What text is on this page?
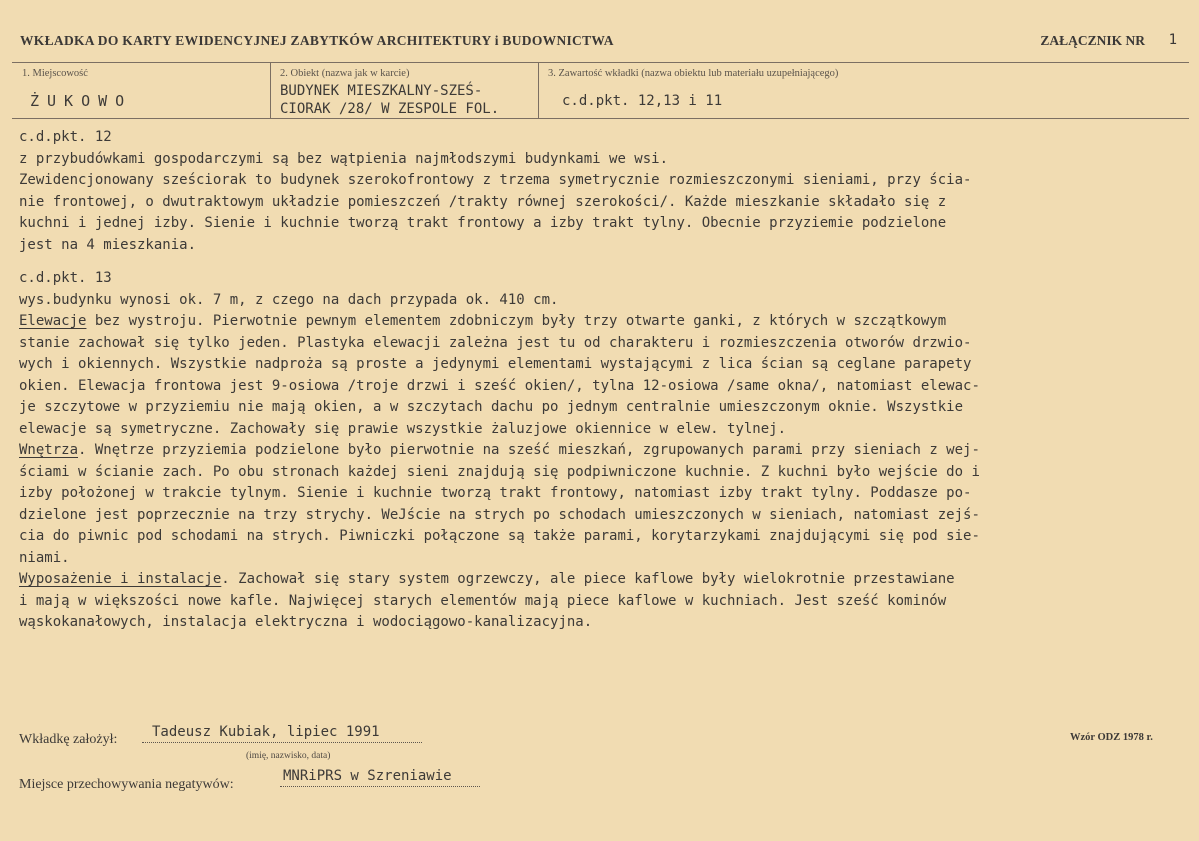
WKŁADKA DO KARTY EWIDENCYJNEJ ZABYTKÓW ARCHITEKTURY i BUDOWNICTWA	ZAŁĄCZNIK NR 1
1. Miejscowość
ŻUKOWO
2. Obiekt (nazwa jak w karcie)
BUDYNEK MIESZKALNY-SZEŚ-
CIORAK /28/ W ZESPOLE FOL.
3. Zawartość wkładki (nazwa obiektu lub materiału uzupełniającego)
c.d.pkt. 12,13 i 11
c.d.pkt. 12
z przybudówkami gospodarczymi są bez wątpienia najmłodszymi budynkami we wsi.
Zewidencjonowany sześciorak to budynek szerokofrontowy z trzema symetrycznie rozmieszczonymi sieniami, przy ścia-
nie frontowej, o dwutraktowym układzie pomieszczeń /trakty równej szerokości/. Każde mieszkanie składało się z
kuchni i jednej izby. Sienie i kuchnie tworzą trakt frontowy a izby trakt tylny. Obecnie przyziemie podzielone
jest na 4 mieszkania.
c.d.pkt. 13
wys.budynku wynosi ok. 7 m, z czego na dach przypada ok. 410 cm.
Elewacje bez wystroju. Pierwotnie pewnym elementem zdobniczym były trzy otwarte ganki, z których w szczątkowym
stanie zachował się tylko jeden. Plastyka elewacji zależna jest tu od charakteru i rozmieszczenia otworów drzwio-
wych i okiennych. Wszystkie nadproża są proste a jedynymi elementami wystającymi z lica ścian są ceglane parapety
okien. Elewacja frontowa jest 9-osiowa /troje drzwi i sześć okien/, tylna 12-osiowa /same okna/, natomiast elewac-
je szczytowe w przyziemiu nie mają okien, a w szczytach dachu po jednym centralnie umieszczonym oknie. Wszystkie
elewacje są symetryczne. Zachowały się prawie wszystkie żaluzjowe okiennice w elew. tylnej.
Wnętrza. Wnętrze przyziemia podzielone było pierwotnie na sześć mieszkań, zgrupowanych parami przy sieniach z wej-
ściami w ścianie zach. Po obu stronach każdej sieni znajdują się podpiwniczone kuchnie. Z kuchni było wejście do i
izby położonej w trakcie tylnym. Sienie i kuchnie tworzą trakt frontowy, natomiast izby trakt tylny. Poddasze po-
dzielone jest poprzecznie na trzy strychy. WeJście na strych po schodach umieszczonych w sieniach, natomiast zejś-
cia do piwnic pod schodami na strych. Piwniczki połączone są także parami, korytarzykami znajdującymi się pod sie-
niami.
Wyposażenie i instalacje. Zachował się stary system ogrzewczy, ale piece kaflowe były wielokrotnie przestawiane
i mają w większości nowe kafle. Najwięcej starych elementów mają piece kaflowe w kuchniach. Jest sześć kominów
wąskokanałowych, instalacja elektryczna i wodociągowo-kanalizacyjna.
Wkładkę założył: Tadeusz Kubiak, lipiec 1991
(imię, nazwisko, data)
Wzór ODZ 1978 r.
Miejsce przechowywania negatywów:
MNRiPRS w Szreniawie
